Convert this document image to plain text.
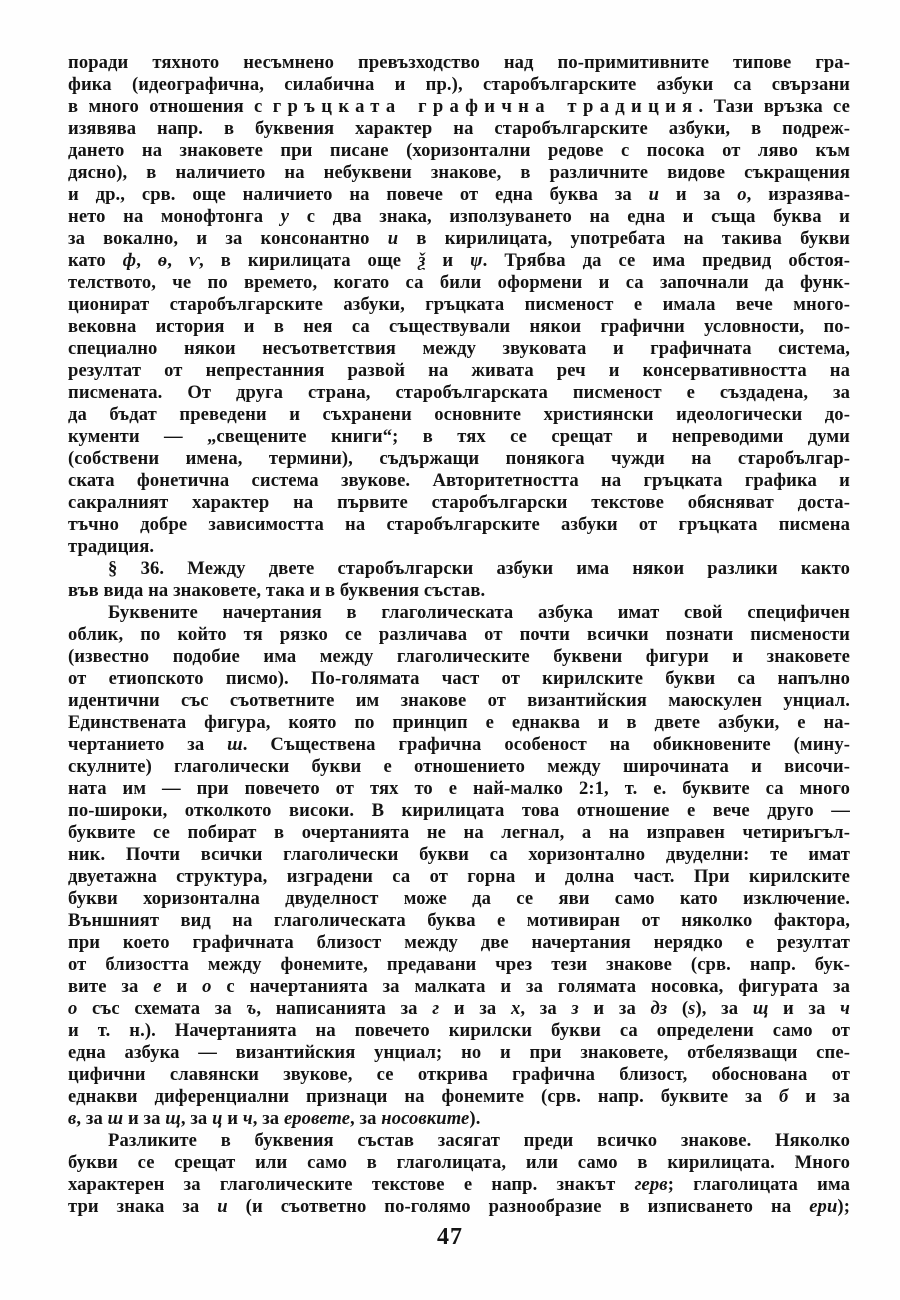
поради тяхното несъмнено превъзходство над по-примитивните типове гра-
фика (идеографична, силабична и пр.), старобългарските азбуки са свързани
в много отношения с гръцката графична традиция. Тази връзка се
изявява напр. в буквения характер на старобългарските азбуки, в подреж-
дането на знаковете при писане (хоризонтални редове с посока от ляво към
дясно), в наличието на небуквени знакове, в различните видове съкращения
и др., срв. още наличието на повече от една буква за и и за о, изразява-
нето на монофтонга у с два знака, използуването на една и съща буква и
за вокално, и за консонантно и в кирилицата, употребата на такива букви
като ф, ѳ, ѵ, в кирилицата още ѯ и ѱ. Трябва да се има предвид обстоя-
телството, че по времето, когато са били оформени и са започнали да функ-
ционират старобългарските азбуки, гръцката писменост е имала вече много-
вековна история и в нея са съществували някои графични условности, по-
специално някои несъответствия между звуковата и графичната система,
резултат от непрестанния развой на живата реч и консервативността на
писмената. От друга страна, старобългарската писменост е създадена, за
да бъдат преведени и съхранени основните християнски идеологически до-
кументи — „свещените книги“; в тях се срещат и непреводими думи
(собствени имена, термини), съдържащи понякога чужди на старобългар-
ската фонетична система звукове. Авторитетността на гръцката графика и
сакралният характер на първите старобългарски текстове обясняват доста-
тъчно добре зависимостта на старобългарските азбуки от гръцката писмена
традиция.
§ 36. Между двете старобългарски азбуки има някои разлики както
във вида на знаковете, така и в буквения състав.
Буквените начертания в глаголическата азбука имат свой специфичен
облик, по който тя рязко се различава от почти всички познати писмености
(известно подобие има между глаголическите буквени фигури и знаковете
от етиопското писмо). По-голямата част от кирилските букви са напълно
идентични със съответните им знакове от византийския маюскулен унциал.
Единствената фигура, която по принцип е еднаква и в двете азбуки, е на-
чертанието за ш. Съществена графична особеност на обикновените (мину-
скулните) глаголически букви е отношението между широчината и височи-
ната им — при повечето от тях то е най-малко 2:1, т. е. буквите са много
по-широки, отколкото високи. В кирилицата това отношение е вече друго —
буквите се побират в очертанията не на легнал, а на изправен четириъгъл-
ник. Почти всички глаголически букви са хоризонтално двуделни: те имат
двуетажна структура, изградени са от горна и долна част. При кирилските
букви хоризонтална двуделност може да се яви само като изключение.
Външният вид на глаголическата буква е мотивиран от няколко фактора,
при което графичната близост между две начертания нерядко е резултат
от близостта между фонемите, предавани чрез тези знакове (срв. напр. бук-
вите за е и о с начертанията за малката и за голямата носовка, фигурата за
о със схемата за ъ, написанията за г и за х, за з и за дз (ѕ), за щ и за ч
и т. н.). Начертанията на повечето кирилски букви са определени само от
една азбука — византийския унциал; но и при знаковете, отбелязващи спе-
цифични славянски звукове, се открива графична близост, обоснована от
еднакви диференциални признаци на фонемите (срв. напр. буквите за б и за
в, за ш и за щ, за ц и ч, за еровете, за носовките).
Разликите в буквения състав засягат преди всичко знакове. Няколко
букви се срещат или само в глаголицата, или само в кирилицата. Много
характерен за глаголическите текстове е напр. знакът герв; глаголицата има
три знака за и (и съответно по-голямо разнообразие в изписването на ери);
47
